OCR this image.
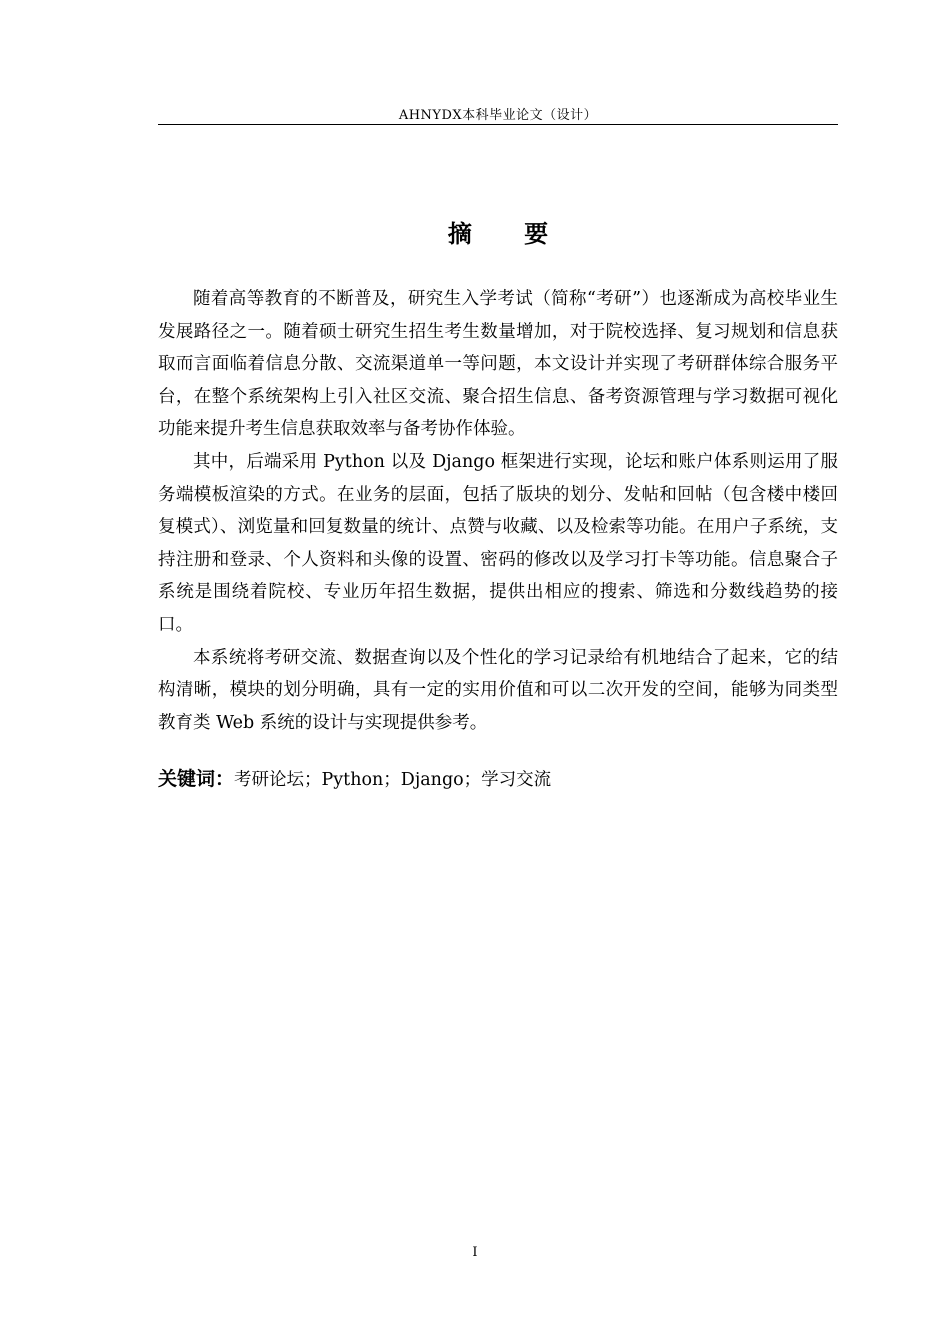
AHNYDX本科毕业论文（设计）
摘 要

随着高等教育的不断普及，研究生入学考试（简称“考研”）也逐渐成为高校毕业生发展路径之一。随着硕士研究生招生考生数量增加，对于院校选择、复习规划和信息获取而言面临着信息分散、交流渠道单一等问题，本文设计并实现了考研群体综合服务平台，在整个系统架构上引入社区交流、聚合招生信息、备考资源管理与学习数据可视化功能来提升考生信息获取效率与备考协作体验。

其中，后端采用 Python 以及 Django 框架进行实现，论坛和账户体系则运用了服务端模板渲染的方式。在业务的层面，包括了版块的划分、发帖和回帖（包含楼中楼回复模式）、浏览量和回复数量的统计、点赞与收藏、以及检索等功能。在用户子系统，支持注册和登录、个人资料和头像的设置、密码的修改以及学习打卡等功能。信息聚合子系统是围绕着院校、专业历年招生数据，提供出相应的搜索、筛选和分数线趋势的接口。

本系统将考研交流、数据查询以及个性化的学习记录给有机地结合了起来，它的结构清晰，模块的划分明确，具有一定的实用价值和可以二次开发的空间，能够为同类型教育类 Web 系统的设计与实现提供参考。

关键词：考研论坛；Python；Django；学习交流
I
